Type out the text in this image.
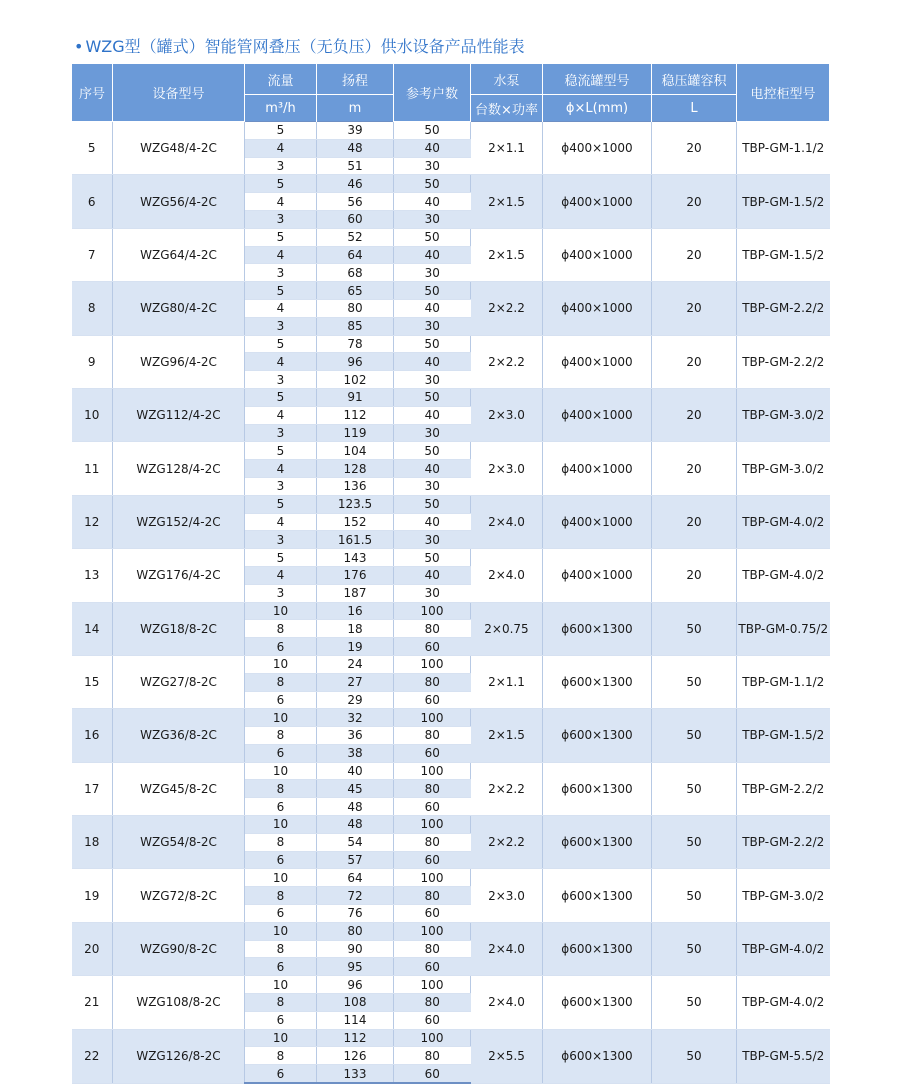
• WZG型（罐式）智能管网叠压（无负压）供水设备产品性能表
序号	设备型号	流量	扬程	参考户数	水泵	稳流罐型号	稳压罐容积	电控柜型号
		m³/h	m		台数×功率	ϕ×L(mm)	L	
5	WZG48/4-2C	5	39	50	2×1.1	ϕ400×1000	20	TBP-GM-1.1/2
		4	48	40				
		3	51	30				
6	WZG56/4-2C	5	46	50	2×1.5	ϕ400×1000	20	TBP-GM-1.5/2
		4	56	40				
		3	60	30				
7	WZG64/4-2C	5	52	50	2×1.5	ϕ400×1000	20	TBP-GM-1.5/2
		4	64	40				
		3	68	30				
8	WZG80/4-2C	5	65	50	2×2.2	ϕ400×1000	20	TBP-GM-2.2/2
		4	80	40				
		3	85	30				
9	WZG96/4-2C	5	78	50	2×2.2	ϕ400×1000	20	TBP-GM-2.2/2
		4	96	40				
		3	102	30				
10	WZG112/4-2C	5	91	50	2×3.0	ϕ400×1000	20	TBP-GM-3.0/2
		4	112	40				
		3	119	30				
11	WZG128/4-2C	5	104	50	2×3.0	ϕ400×1000	20	TBP-GM-3.0/2
		4	128	40				
		3	136	30				
12	WZG152/4-2C	5	123.5	50	2×4.0	ϕ400×1000	20	TBP-GM-4.0/2
		4	152	40				
		3	161.5	30				
13	WZG176/4-2C	5	143	50	2×4.0	ϕ400×1000	20	TBP-GM-4.0/2
		4	176	40				
		3	187	30				
14	WZG18/8-2C	10	16	100	2×0.75	ϕ600×1300	50	TBP-GM-0.75/2
		8	18	80				
		6	19	60				
15	WZG27/8-2C	10	24	100	2×1.1	ϕ600×1300	50	TBP-GM-1.1/2
		8	27	80				
		6	29	60				
16	WZG36/8-2C	10	32	100	2×1.5	ϕ600×1300	50	TBP-GM-1.5/2
		8	36	80				
		6	38	60				
17	WZG45/8-2C	10	40	100	2×2.2	ϕ600×1300	50	TBP-GM-2.2/2
		8	45	80				
		6	48	60				
18	WZG54/8-2C	10	48	100	2×2.2	ϕ600×1300	50	TBP-GM-2.2/2
		8	54	80				
		6	57	60				
19	WZG72/8-2C	10	64	100	2×3.0	ϕ600×1300	50	TBP-GM-3.0/2
		8	72	80				
		6	76	60				
20	WZG90/8-2C	10	80	100	2×4.0	ϕ600×1300	50	TBP-GM-4.0/2
		8	90	80				
		6	95	60				
21	WZG108/8-2C	10	96	100	2×4.0	ϕ600×1300	50	TBP-GM-4.0/2
		8	108	80				
		6	114	60				
22	WZG126/8-2C	10	112	100	2×5.5	ϕ600×1300	50	TBP-GM-5.5/2
		8	126	80				
		6	133	60				
